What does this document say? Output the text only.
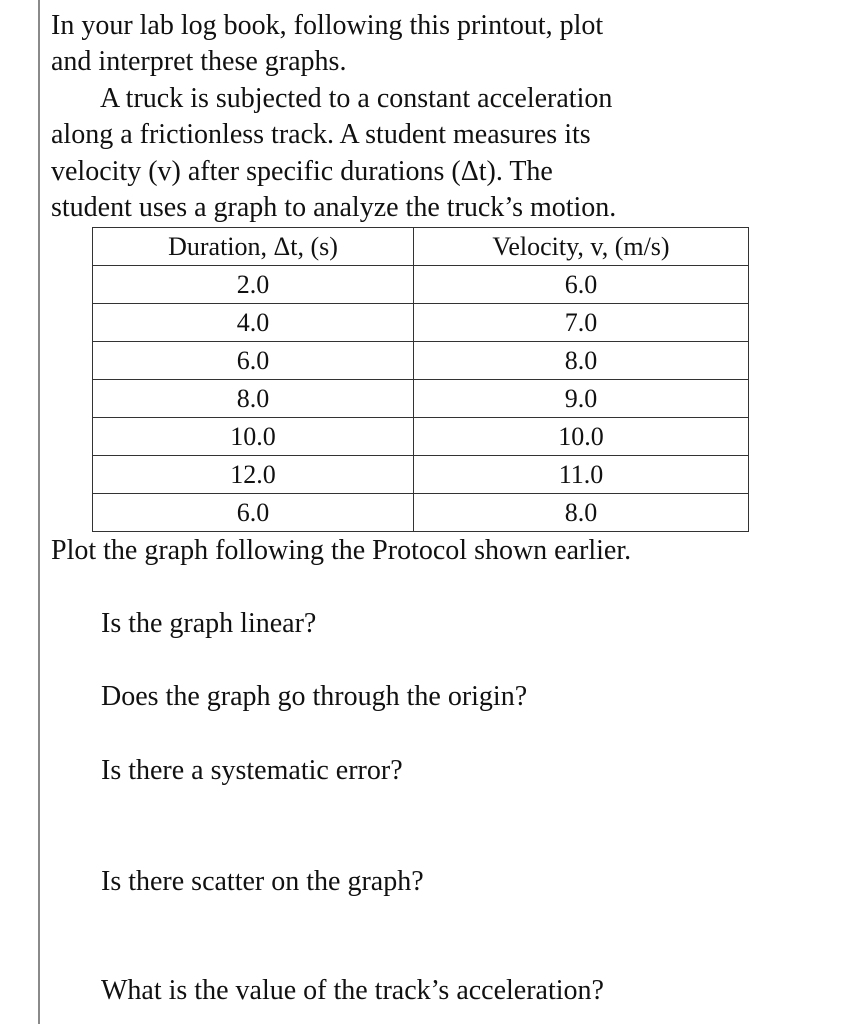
In your lab log book, following this printout, plot
and interpret these graphs.
A truck is subjected to a constant acceleration
along a frictionless track. A student measures its
velocity (v) after specific durations (Δt). The
student uses a graph to analyze the truck’s motion.
Duration, Δt, (s)	Velocity, v, (m/s)
2.0	6.0
4.0	7.0
6.0	8.0
8.0	9.0
10.0	10.0
12.0	11.0
6.0	8.0
Plot the graph following the Protocol shown earlier.
Is the graph linear?
Does the graph go through the origin?
Is there a systematic error?
Is there scatter on the graph?
What is the value of the track’s acceleration?
